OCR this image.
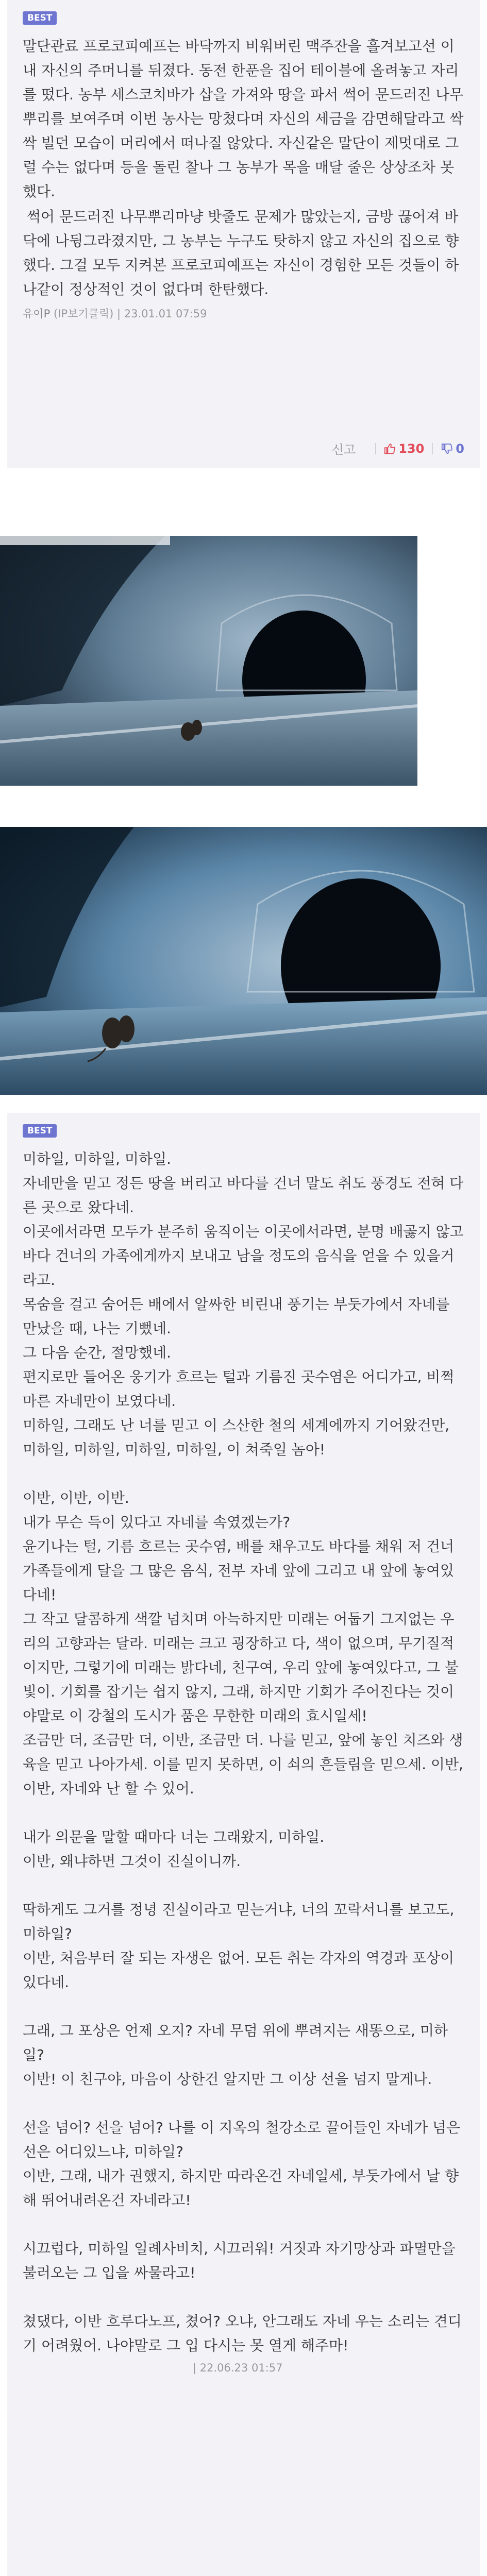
BEST

말단관료 프로코피예프는 바닥까지 비워버린 맥주잔을 흘겨보고선 이내 자신의 주머니를 뒤졌다. 동전 한푼을 집어 테이블에 올려놓고 자리를 떴다. 농부 세스코치바가 삽을 가져와 땅을 파서 썩어 문드러진 나무뿌리를 보여주며 이번 농사는 망쳤다며 자신의 세금을 감면해달라고 싹싹 빌던 모습이 머리에서 떠나질 않았다. 자신같은 말단이 제멋대로 그럴 수는 없다며 등을 돌린 찰나 그 농부가 목을 매달 줄은 상상조차 못했다.

썩어 문드러진 나무뿌리마냥 밧줄도 문제가 많았는지, 금방 끊어져 바닥에 나뒹그라졌지만, 그 농부는 누구도 탓하지 않고 자신의 집으로 향했다. 그걸 모두 지켜본 프로코피예프는 자신이 경험한 모든 것들이 하나같이 정상적인 것이 없다며 한탄했다.

유이P (IP보기클릭) | 23.01.01 07:59
신고	130	0
BEST

미하일, 미하일, 미하일.

자네만을 믿고 정든 땅을 버리고 바다를 건너 말도 취도 풍경도 전혀 다른 곳으로 왔다네.

이곳에서라면 모두가 분주히 움직이는 이곳에서라면, 분명 배곯지 않고 바다 건너의 가족에게까지 보내고 남을 정도의 음식을 얻을 수 있을거라고.

목숨을 걸고 숨어든 배에서 알싸한 비린내 풍기는 부둣가에서 자네를 만났을 때, 나는 기뻤네.

그 다음 순간, 절망했네.

편지로만 들어온 웅기가 흐르는 털과 기름진 곳수염은 어디가고, 비쩍 마른 자네만이 보였다네.

미하일, 그래도 난 너를 믿고 이 스산한 철의 세계에까지 기어왔건만, 미하일, 미하일, 미하일, 미하일, 이 쳐죽일 놈아!

이반, 이반, 이반.

내가 무슨 득이 있다고 자네를 속였겠는가?

윤기나는 털, 기름 흐르는 곳수염, 배를 채우고도 바다를 채워 저 건너 가족들에게 달을 그 많은 음식, 전부 자네 앞에 그리고 내 앞에 놓여있다네!

그 작고 달콤하게 색깔 넘치며 아늑하지만 미래는 어둡기 그지없는 우리의 고향과는 달라. 미래는 크고 굉장하고 다, 색이 없으며, 무기질적이지만, 그렇기에 미래는 밝다네, 친구여, 우리 앞에 놓여있다고, 그 불빛이. 기회를 잡기는 쉽지 않지, 그래, 하지만 기회가 주어진다는 것이야말로 이 강철의 도시가 품은 무한한 미래의 효시일세!

조금만 더, 조금만 더, 이반, 조금만 더. 나를 믿고, 앞에 놓인 치즈와 생육을 믿고 나아가세. 이를 믿지 못하면, 이 쇠의 흔들림을 믿으세. 이반, 이반, 자네와 난 할 수 있어.

내가 의문을 말할 때마다 너는 그래왔지, 미하일.

이반, 왜냐하면 그것이 진실이니까.

딱하게도 그거를 정녕 진실이라고 믿는거냐, 너의 꼬락서니를 보고도, 미하일?

이반, 처음부터 잘 되는 자생은 없어. 모든 취는 각자의 역경과 포상이 있다네.

그래, 그 포상은 언제 오지? 자네 무덤 위에 뿌려지는 새똥으로, 미하일?

이반! 이 친구야, 마음이 상한건 알지만 그 이상 선을 넘지 말게나.

선을 넘어? 선을 넘어? 나를 이 지옥의 철강소로 끌어들인 자네가 넘은 선은 어디있느냐, 미하일?

이반, 그래, 내가 권했지, 하지만 따라온건 자네일세, 부둣가에서 날 향해 뛰어내려온건 자네라고!

시끄럽다, 미하일 일례사비치, 시끄러워! 거짓과 자기망상과 파멸만을 불러오는 그 입을 싸물라고!

쳤댔다, 이반 흐루다노프, 쳤어? 오냐, 안그래도 자네 우는 소리는 견디기 어려웠어. 나야말로 그 입 다시는 못 열게 해주마!

| 22.06.23 01:57
